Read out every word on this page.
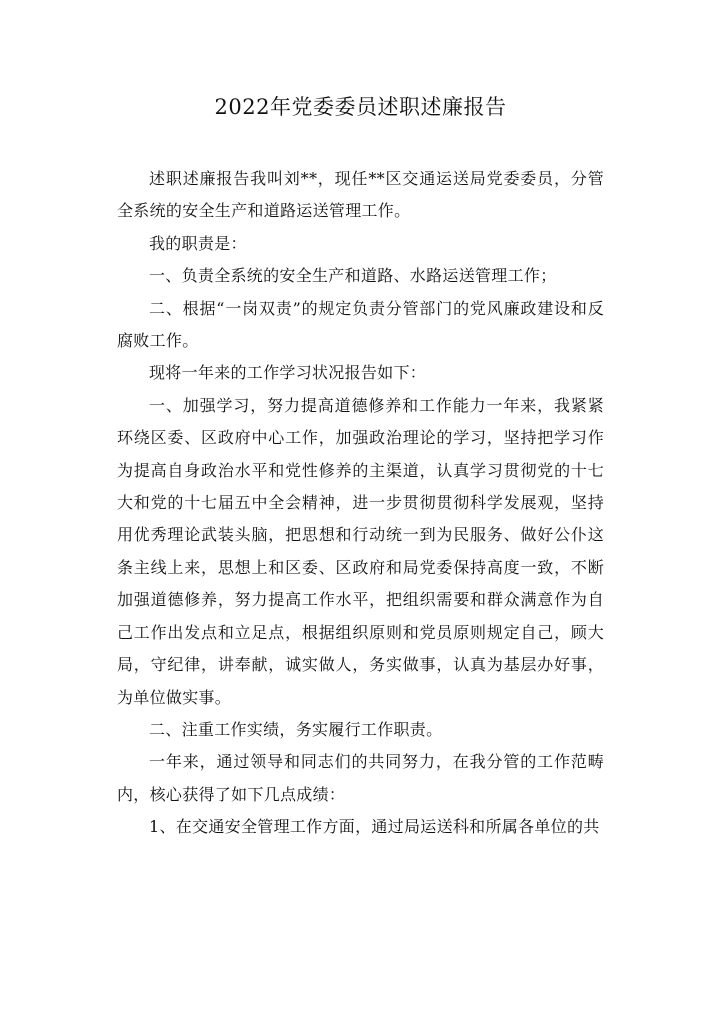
2022年党委委员述职述廉报告

述职述廉报告我叫刘**，现任**区交通运送局党委委员，分管全系统的安全生产和道路运送管理工作。

我的职责是：

一、负责全系统的安全生产和道路、水路运送管理工作；

二、根据“一岗双责”的规定负责分管部门的党风廉政建设和反腐败工作。

现将一年来的工作学习状况报告如下：

一、加强学习，努力提高道德修养和工作能力一年来，我紧紧环绕区委、区政府中心工作，加强政治理论的学习，坚持把学习作为提高自身政治水平和党性修养的主渠道，认真学习贯彻党的十七大和党的十七届五中全会精神，进一步贯彻贯彻科学发展观，坚持用优秀理论武装头脑，把思想和行动统一到为民服务、做好公仆这条主线上来，思想上和区委、区政府和局党委保持高度一致，不断加强道德修养，努力提高工作水平，把组织需要和群众满意作为自己工作出发点和立足点，根据组织原则和党员原则规定自己，顾大局，守纪律，讲奉献，诚实做人，务实做事，认真为基层办好事，为单位做实事。

二、注重工作实绩，务实履行工作职责。

一年来，通过领导和同志们的共同努力，在我分管的工作范畴内，核心获得了如下几点成绩：

1、在交通安全管理工作方面，通过局运送科和所属各单位的共
